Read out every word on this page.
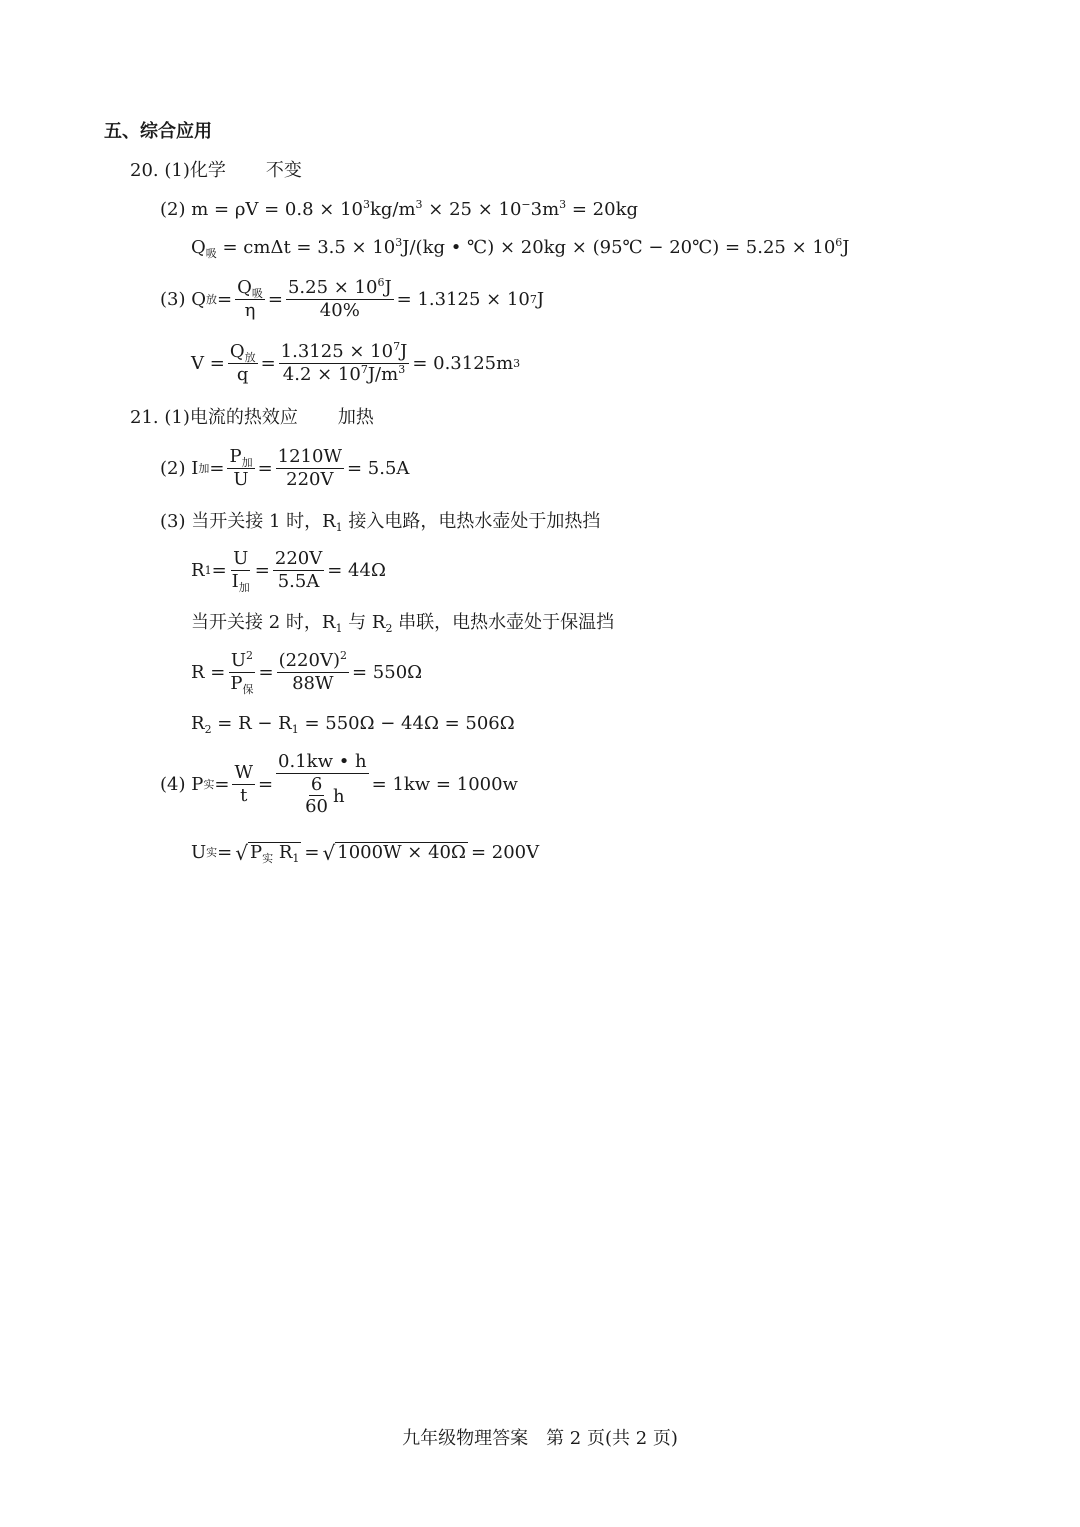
五、综合应用
20. (1)化学 不变
(2) $m = \rho V = 0.8 \times 10^3kg/m^3 \times 25 \times 10^-3m^3 = 20kg$
$Q_吸 = cm\Delta t = 3.5 \times 10^3J/(kg$ • ℃) × 20kg × (95℃ − 20℃) = $5.25 \times 10^6J$
(3) Q 放 = $\frac{Q_吸}{\eta} = \frac{5.25 \times 10^6J}{40\%} = 1.3125 \times 10$ 7 J
$V = \frac{Q_放}{q} = \frac{1.3125 \times 10^7J}{4.2 \times 10^7J/m^3} = 0.3125m$ 3
21. (1)电流的热效应 加热
(2) I 加 = $\frac{P_加}{U} = \frac{1210W}{220V} = 5.5A$
(3) 当开关接 1 时，$R_1$ 接入电路，电热水壶处于加热挡
R $1 = \frac{U}{I_加} = \frac{220V}{5.5A} = 44\Omega$
当开关接 2 时，$R_1$ 与 $R_2$ 串联，电热水壶处于保温挡
$R = \frac{U^2}{P_保} = \frac{(220V)^2}{88W} = 550\Omega$
$R_2 = R - R_1 = 550\Omega - 44\Omega = 506\Omega$
(4) P 实 = $\frac{W}{t} = \frac{0.1kw • h}{\frac{6}{60} h} = 1kw = 1000w$
U 实 = √ $P_实$ $R_1$ = √ 1000W × 40Ω = 200V
九年级物理答案　第 2 页(共 2 页)
